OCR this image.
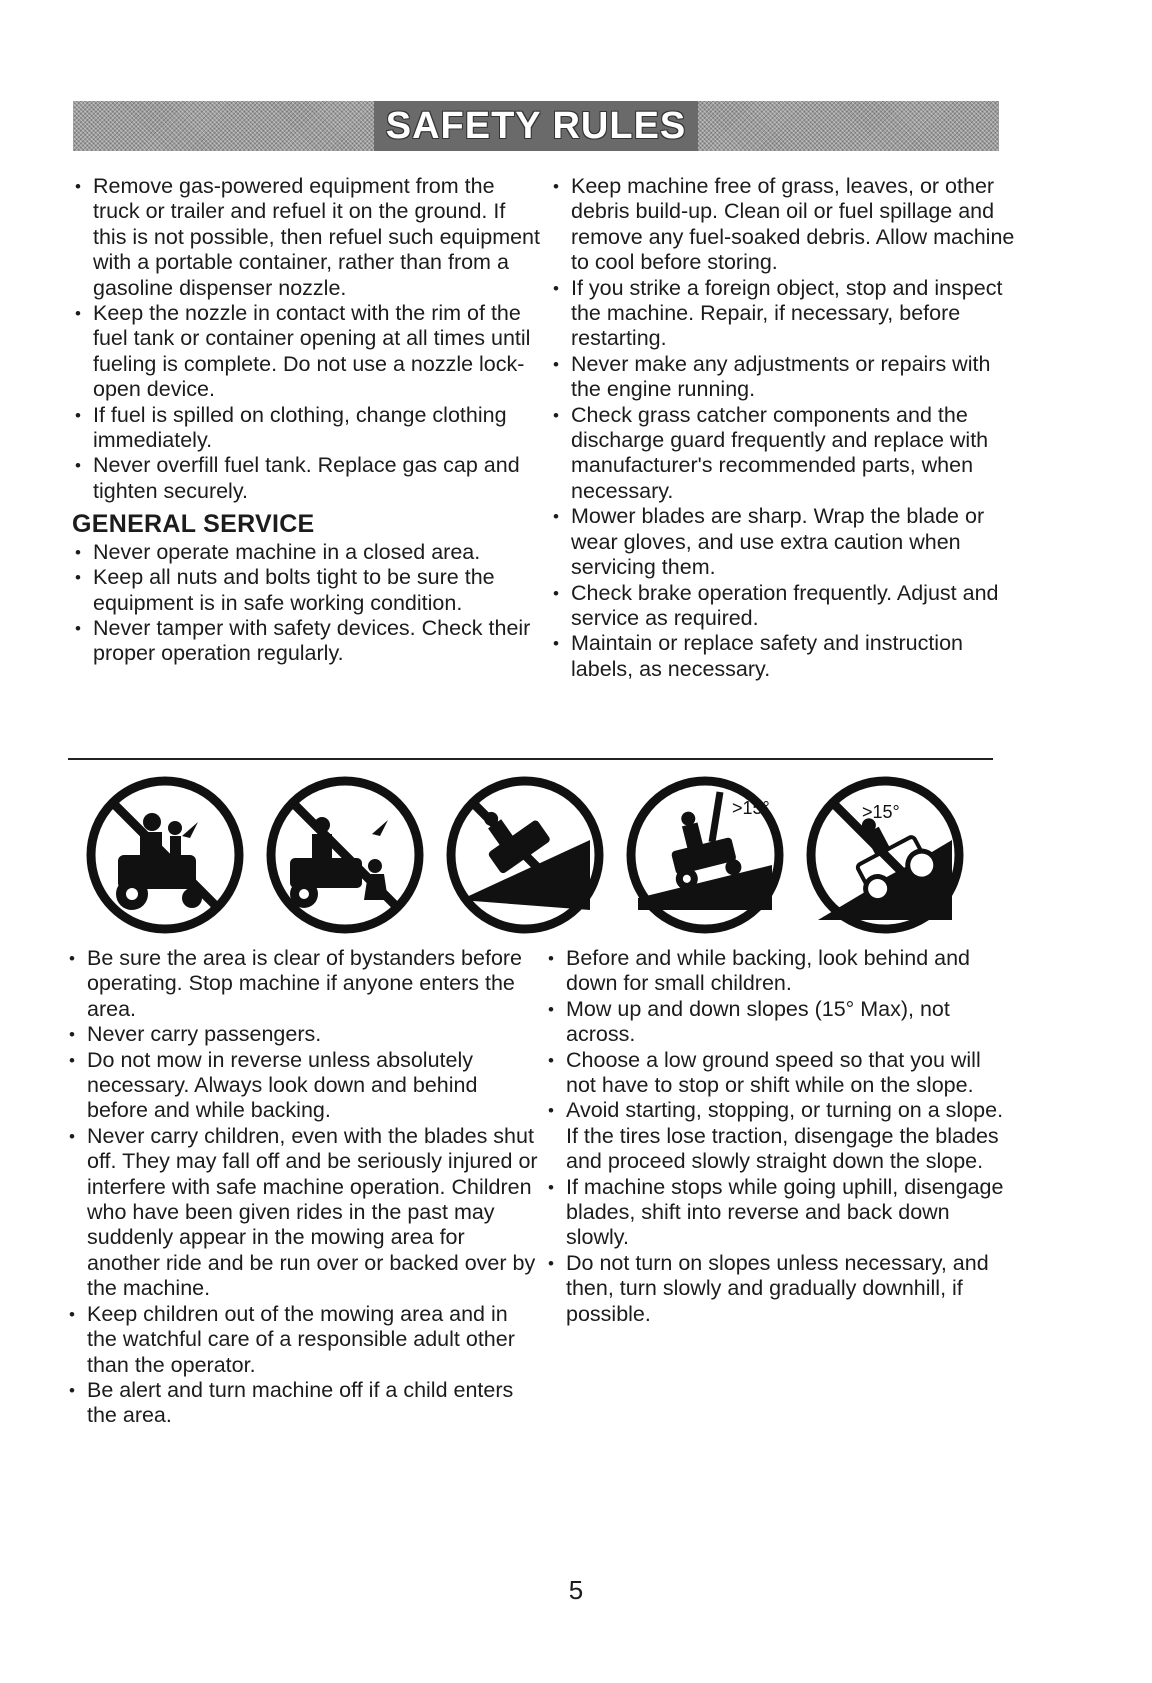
SAFETY RULES
• Remove gas-powered equipment from the truck or trailer and refuel it on the ground. If this is not possible, then refuel such equipment with a portable container, rather than from a gasoline dispenser nozzle.
• Keep the nozzle in contact with the rim of the fuel tank or container opening at all times until fueling is complete. Do not use a nozzle lock-open device.
• If fuel is spilled on clothing, change clothing immediately.
• Never overfill fuel tank. Replace gas cap and tighten securely.
GENERAL SERVICE
• Never operate machine in a closed area.
• Keep all nuts and bolts tight to be sure the equipment is in safe working condition.
• Never tamper with safety devices. Check their proper operation regularly.
• Keep machine free of grass, leaves, or other debris build-up. Clean oil or fuel spillage and remove any fuel-soaked debris. Allow machine to cool before storing.
• If you strike a foreign object, stop and inspect the machine. Repair, if necessary, before restarting.
• Never make any adjustments or repairs with the engine running.
• Check grass catcher components and the discharge guard frequently and replace with manufacturer's recommended parts, when necessary.
• Mower blades are sharp. Wrap the blade or wear gloves, and use extra caution when servicing them.
• Check brake operation frequently. Adjust and service as required.
• Maintain or replace safety and instruction labels, as necessary.
>15°	>15°
• Be sure the area is clear of bystanders before operating. Stop machine if anyone enters the area.
• Never carry passengers.
• Do not mow in reverse unless absolutely necessary. Always look down and behind before and while backing.
• Never carry children, even with the blades shut off. They may fall off and be seriously injured or interfere with safe machine operation. Children who have been given rides in the past may suddenly appear in the mowing area for another ride and be run over or backed over by the machine.
• Keep children out of the mowing area and in the watchful care of a responsible adult other than the operator.
• Be alert and turn machine off if a child enters the area.
• Before and while backing, look behind and down for small children.
• Mow up and down slopes (15° Max), not across.
• Choose a low ground speed so that you will not have to stop or shift while on the slope.
• Avoid starting, stopping, or turning on a slope. If the tires lose traction, disengage the blades and proceed slowly straight down the slope.
• If machine stops while going uphill, disengage blades, shift into reverse and back down slowly.
• Do not turn on slopes unless necessary, and then, turn slowly and gradually downhill, if possible.
5
